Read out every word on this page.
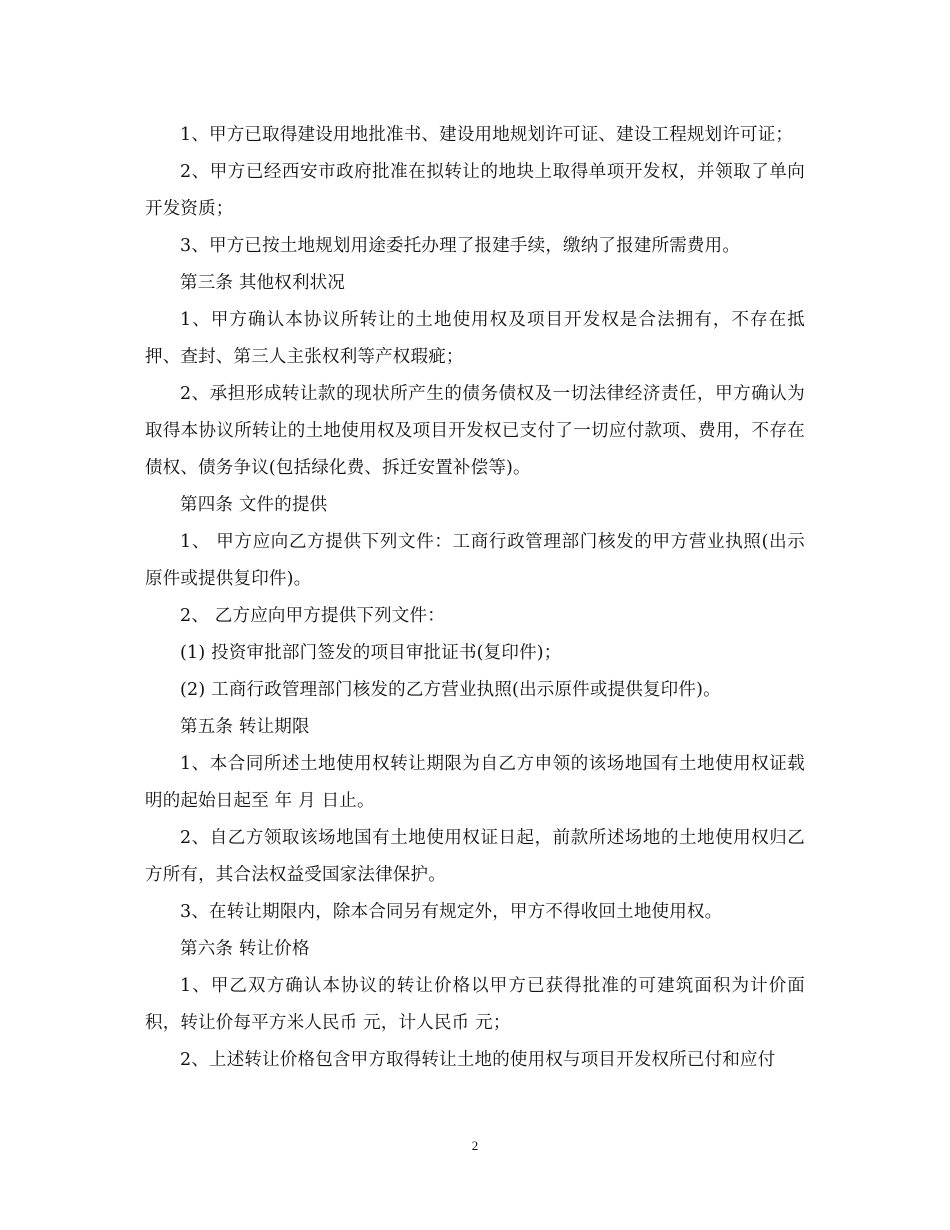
1、甲方已取得建设用地批准书、建设用地规划许可证、建设工程规划许可证；

2、甲方已经西安市政府批准在拟转让的地块上取得单项开发权，并领取了单向开发资质；

3、甲方已按土地规划用途委托办理了报建手续，缴纳了报建所需费用。

第三条 其他权利状况

1、甲方确认本协议所转让的土地使用权及项目开发权是合法拥有，不存在抵押、查封、第三人主张权利等产权瑕疵；

2、承担形成转让款的现状所产生的债务债权及一切法律经济责任，甲方确认为取得本协议所转让的土地使用权及项目开发权已支付了一切应付款项、费用，不存在债权、债务争议(包括绿化费、拆迁安置补偿等)。

第四条 文件的提供

1、 甲方应向乙方提供下列文件：工商行政管理部门核发的甲方营业执照(出示原件或提供复印件)。

2、 乙方应向甲方提供下列文件：

(1) 投资审批部门签发的项目审批证书(复印件)；

(2) 工商行政管理部门核发的乙方营业执照(出示原件或提供复印件)。

第五条 转让期限

1、本合同所述土地使用权转让期限为自乙方申领的该场地国有土地使用权证载明的起始日起至 年 月 日止。

2、自乙方领取该场地国有土地使用权证日起，前款所述场地的土地使用权归乙方所有，其合法权益受国家法律保护。

3、在转让期限内，除本合同另有规定外，甲方不得收回土地使用权。

第六条 转让价格

1、甲乙双方确认本协议的转让价格以甲方已获得批准的可建筑面积为计价面积，转让价每平方米人民币 元，计人民币 元；

2、上述转让价格包含甲方取得转让土地的使用权与项目开发权所已付和应付

2
